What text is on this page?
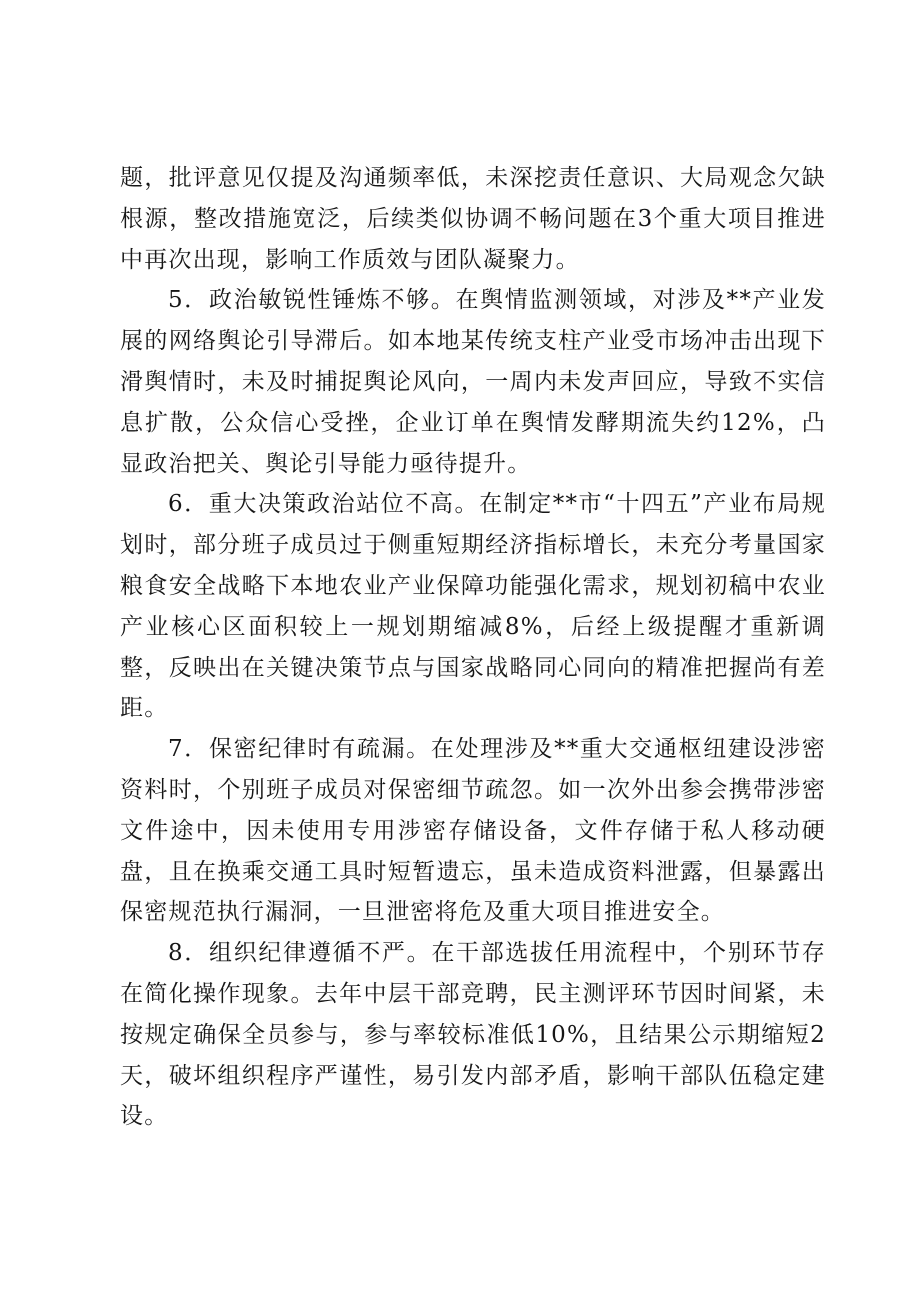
题，批评意见仅提及沟通频率低，未深挖责任意识、大局观念欠缺根源，整改措施宽泛，后续类似协调不畅问题在3个重大项目推进中再次出现，影响工作质效与团队凝聚力。

5．政治敏锐性锤炼不够。在舆情监测领域，对涉及**产业发展的网络舆论引导滞后。如本地某传统支柱产业受市场冲击出现下滑舆情时，未及时捕捉舆论风向，一周内未发声回应，导致不实信息扩散，公众信心受挫，企业订单在舆情发酵期流失约12%，凸显政治把关、舆论引导能力亟待提升。

6．重大决策政治站位不高。在制定**市“十四五”产业布局规划时，部分班子成员过于侧重短期经济指标增长，未充分考量国家粮食安全战略下本地农业产业保障功能强化需求，规划初稿中农业产业核心区面积较上一规划期缩减8%，后经上级提醒才重新调整，反映出在关键决策节点与国家战略同心同向的精准把握尚有差距。

7．保密纪律时有疏漏。在处理涉及**重大交通枢纽建设涉密资料时，个别班子成员对保密细节疏忽。如一次外出参会携带涉密文件途中，因未使用专用涉密存储设备，文件存储于私人移动硬盘，且在换乘交通工具时短暂遗忘，虽未造成资料泄露，但暴露出保密规范执行漏洞，一旦泄密将危及重大项目推进安全。

8．组织纪律遵循不严。在干部选拔任用流程中，个别环节存在简化操作现象。去年中层干部竞聘，民主测评环节因时间紧，未按规定确保全员参与，参与率较标准低10%，且结果公示期缩短2天，破坏组织程序严谨性，易引发内部矛盾，影响干部队伍稳定建设。
